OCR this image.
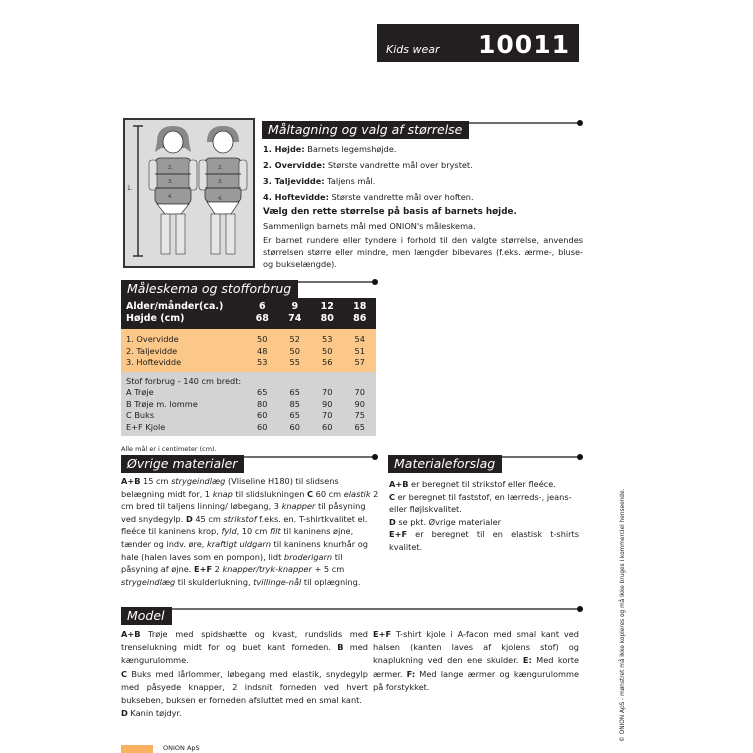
Kids wear 10011
Måltagning og valg af størrelse
1.
2.
3.
4.
2.
3.
4.
1. Højde: Barnets legemshøjde.
2. Overvidde: Største vandrette mål over brystet.
3. Taljevidde: Taljens mål.
4. Hoftevidde: Største vandrette mål over hoften.
Vælg den rette størrelse på basis af barnets højde.
Sammenlign barnets mål med ONION's måleskema.
Er barnet rundere eller tyndere i forhold til den valgte størrelse, anvendes størrelsen større eller mindre, men længder bibevares (f.eks. ærme-, bluse- og bukselængde).
Måleskema og stofforbrug
Alder/månder(ca.)	6	9	12	18
Højde (cm)	68	74	80	86
1. Overvidde	50	52	53	54
2. Taljevidde	48	50	50	51
3. Hoftevidde	53	55	56	57
Stof forbrug - 140 cm bredt:
A Trøje	65	65	70	70
B Trøje m. lomme	80	85	90	90
C Buks	60	65	70	75
E+F Kjole	60	60	60	65
Alle mål er i centimeter (cm).
Øvrige materialer
A+B 15 cm strygeindlæg (Vliseline H180) til slidsens belægning midt for, 1 knap til slidslukningen C 60 cm elastik 2 cm bred til taljens linning/ løbegang, 3 knapper til påsyning ved snydegylp. D 45 cm strikstof f.eks. en. T-shirtkvalitet el. fleéce til kaninens krop, fyld, 10 cm filt til kaninens øjne, tænder og indv. øre, kraftigt uldgarn til kaninens knurhår og hale (halen laves som en pompon), lidt broderigarn til påsyning af øjne. E+F 2 knapper/tryk-knapper + 5 cm strygeindlæg til skulderlukning, tvillinge-nål til oplægning.
Materialeforslag
A+B er beregnet til strikstof eller fleéce.
C er beregnet til faststof, en lærreds-, jeans- eller fløjlskvalitet.
D se pkt. Øvrige materialer
E+F er beregnet til en elastisk t-shirts kvalitet.
Model
A+B Trøje med spidshætte og kvast, rundslids med trenselukning midt for og buet kant forneden. B med kængurulomme.
C Buks med lårlommer, løbegang med elastik, snydegylp med påsyede knapper, 2 indsnit forneden ved hvert bukseben, buksen er forneden afsluttet med en smal kant.
D Kanin tøjdyr.
E+F T-shirt kjole i A-facon med smal kant ved halsen (kanten laves af kjolens stof) og knaplukning ved den ene skulder. E: Med korte ærmer. F: Med lange ærmer og kængurulomme på forstykket.
ONION ApS
© ONION ApS - mønstret må ikke kopieres og må ikke bruges i kommerciel henseende.
